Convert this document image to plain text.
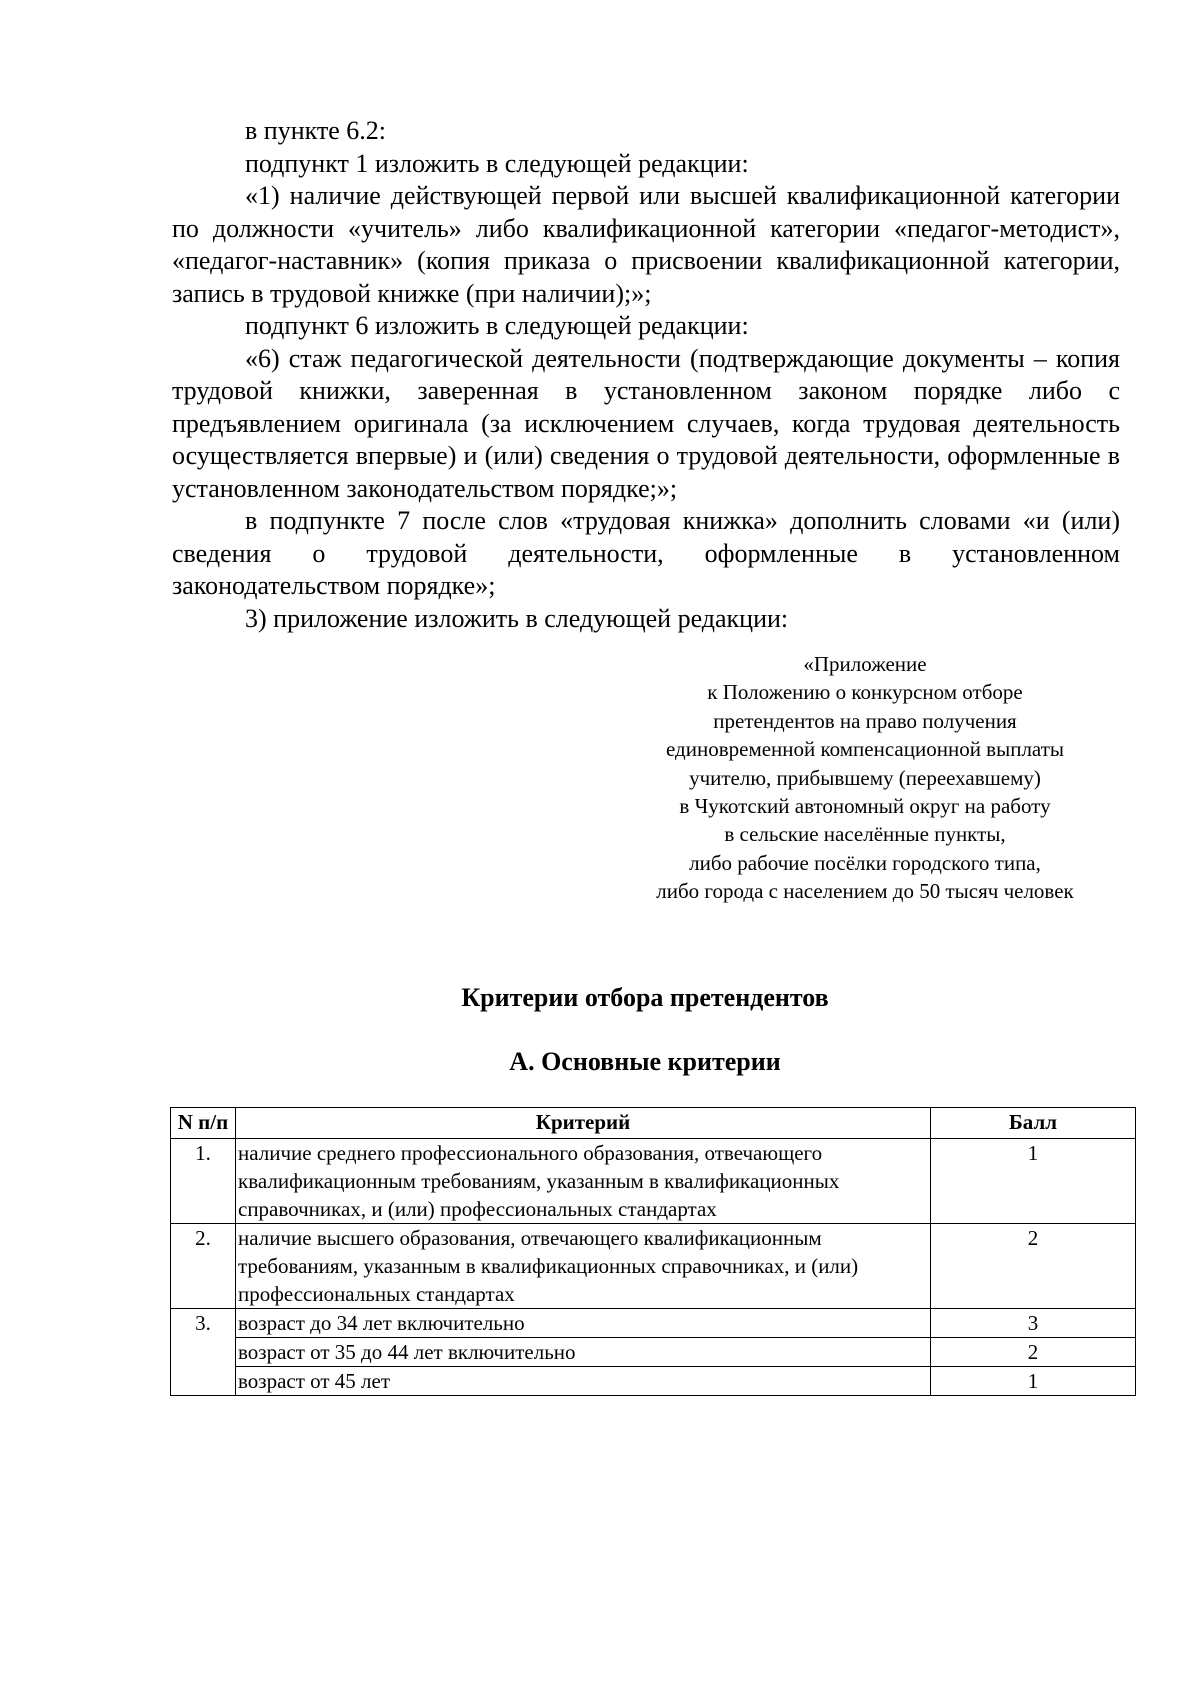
в пункте 6.2:

подпункт 1 изложить в следующей редакции:

«1) наличие действующей первой или высшей квалификационной категории по должности «учитель» либо квалификационной категории «педагог-методист», «педагог-наставник» (копия приказа о присвоении квалификационной категории, запись в трудовой книжке (при наличии);»;

подпункт 6 изложить в следующей редакции:

«6) стаж педагогической деятельности (подтверждающие документы – копия трудовой книжки, заверенная в установленном законом порядке либо с предъявлением оригинала (за исключением случаев, когда трудовая деятельность осуществляется впервые) и (или) сведения о трудовой деятельности, оформленные в установленном законодательством порядке;»;

в подпункте 7 после слов «трудовая книжка» дополнить словами «и (или) сведения о трудовой деятельности, оформленные в установленном законодательством порядке»;

3) приложение изложить в следующей редакции:

«Приложение
к Положению о конкурсном отборе
претендентов на право получения
единовременной компенсационной выплаты
учителю, прибывшему (переехавшему)
в Чукотский автономный округ на работу
в сельские населённые пункты,
либо рабочие посёлки городского типа,
либо города с населением до 50 тысяч человек
Критерии отбора претендентов
А. Основные критерии
N п/п	Критерий	Балл
1.	наличие среднего профессионального образования, отвечающего квалификационным требованиям, указанным в квалификационных справочниках, и (или) профессиональных стандартах	1
2.	наличие высшего образования, отвечающего квалификационным требованиям, указанным в квалификационных справочниках, и (или) профессиональных стандартах	2
3.	возраст до 34 лет включительно	3
	возраст от 35 до 44 лет включительно	2
	возраст от 45 лет	1
